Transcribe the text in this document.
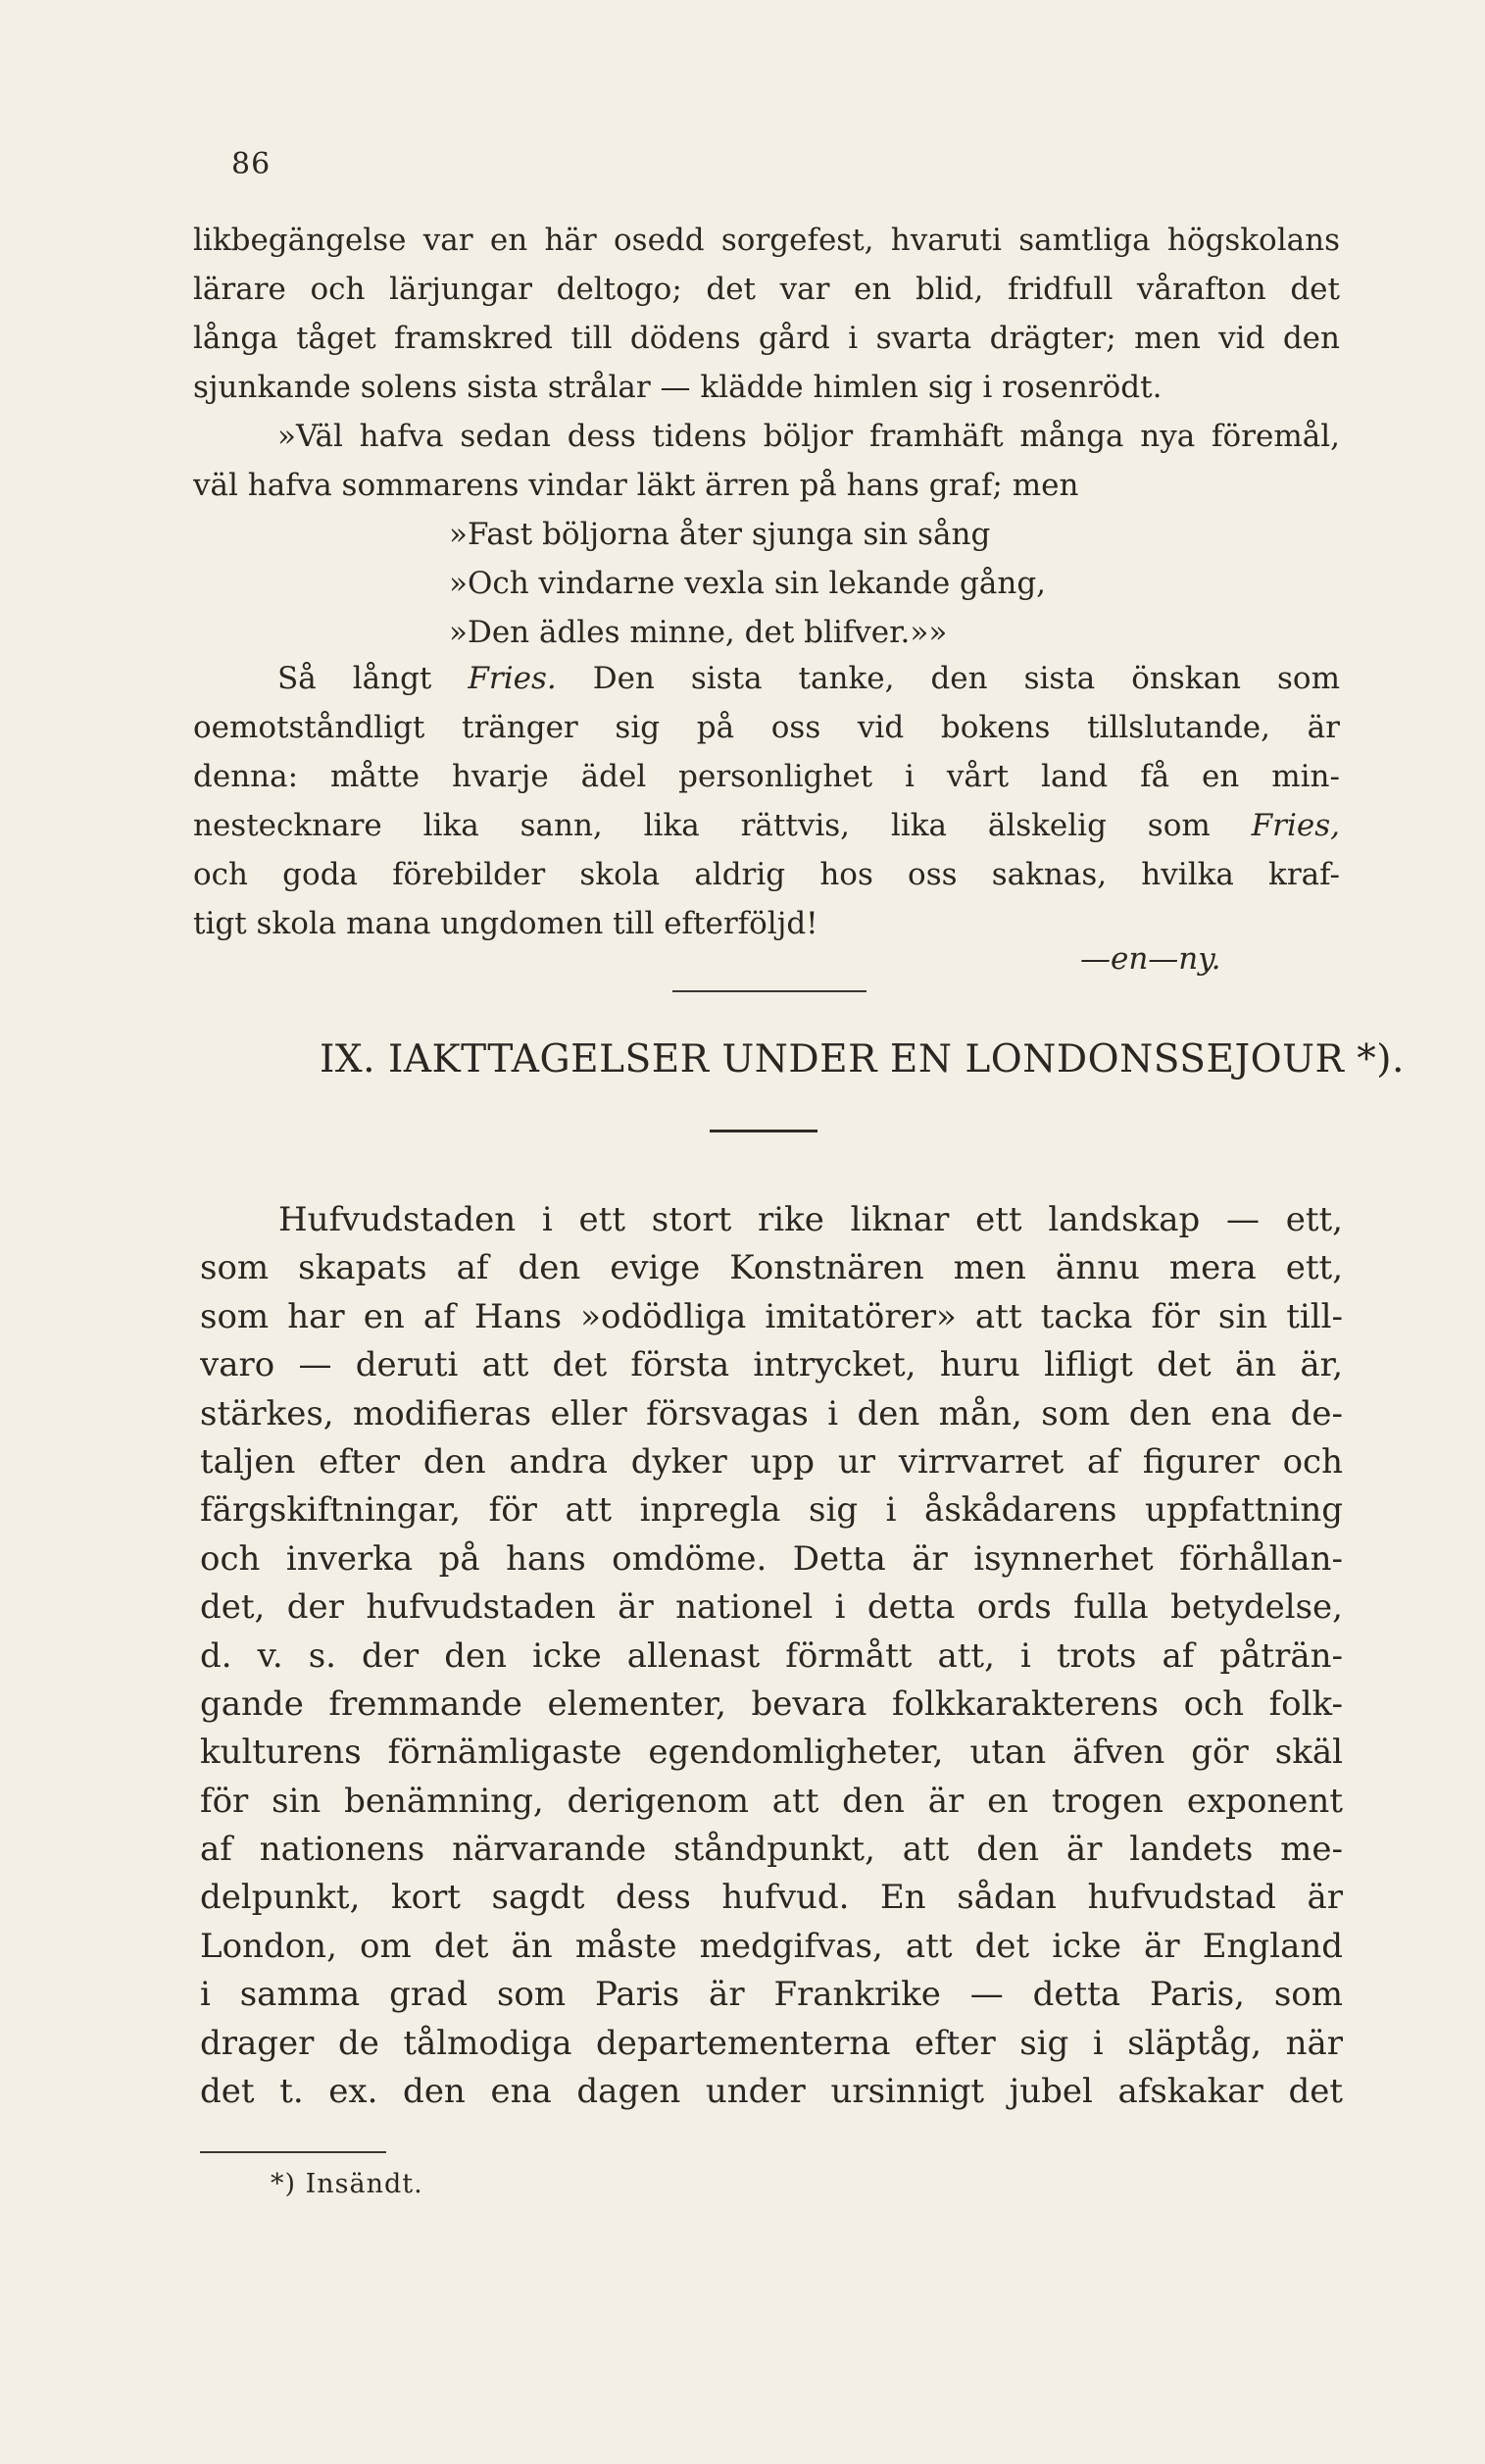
86
likbegängelse var en här osedd sorgefest, hvaruti samtliga högskolans
lärare och lärjungar deltogo; det var en blid, fridfull vårafton det
långa tåget framskred till dödens gård i svarta drägter; men vid den
sjunkande solens sista strålar — klädde himlen sig i rosenrödt.
»Väl hafva sedan dess tidens böljor framhäft många nya föremål,
väl hafva sommarens vindar läkt ärren på hans graf; men
»Fast böljorna åter sjunga sin sång
»Och vindarne vexla sin lekande gång,
»Den ädles minne, det blifver.»»
Så långt Fries. Den sista tanke, den sista önskan som
oemotståndligt tränger sig på oss vid bokens tillslutande, är
denna: måtte hvarje ädel personlighet i vårt land få en min-
nestecknare lika sann, lika rättvis, lika älskelig som Fries,
och goda förebilder skola aldrig hos oss saknas, hvilka kraf-
tigt skola mana ungdomen till efterföljd!
—en—ny.
IX. IAKTTAGELSER UNDER EN LONDONSSEJOUR *).
Hufvudstaden i ett stort rike liknar ett landskap — ett,
som skapats af den evige Konstnären men ännu mera ett,
som har en af Hans »odödliga imitatörer» att tacka för sin till-
varo — deruti att det första intrycket, huru lifligt det än är,
stärkes, modifieras eller försvagas i den mån, som den ena de-
taljen efter den andra dyker upp ur virrvarret af figurer och
färgskiftningar, för att inpregla sig i åskådarens uppfattning
och inverka på hans omdöme. Detta är isynnerhet förhållan-
det, der hufvudstaden är nationel i detta ords fulla betydelse,
d. v. s. der den icke allenast förmått att, i trots af påträn-
gande fremmande elementer, bevara folkkarakterens och folk-
kulturens förnämligaste egendomligheter, utan äfven gör skäl
för sin benämning, derigenom att den är en trogen exponent
af nationens närvarande ståndpunkt, att den är landets me-
delpunkt, kort sagdt dess hufvud. En sådan hufvudstad är
London, om det än måste medgifvas, att det icke är England
i samma grad som Paris är Frankrike — detta Paris, som
drager de tålmodiga departementerna efter sig i släptåg, när
det t. ex. den ena dagen under ursinnigt jubel afskakar det
*) Insändt.
